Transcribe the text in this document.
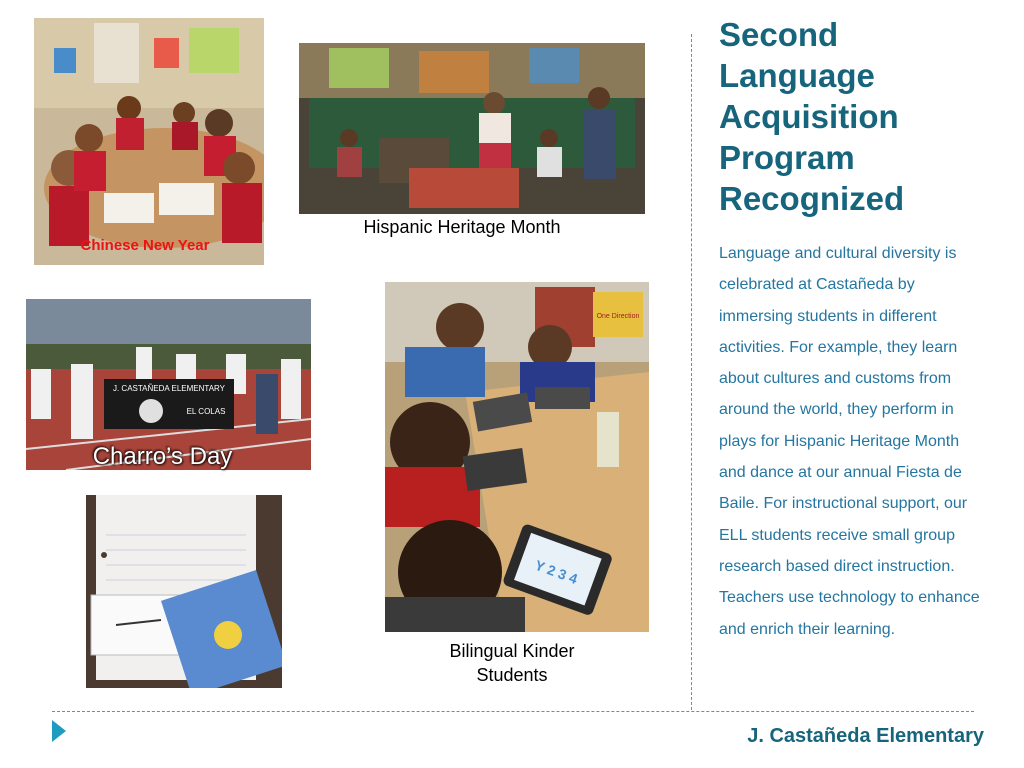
Chinese New Year
Hispanic Heritage Month
J. CASTAÑEDA ELEMENTARY
EL COLAS
Charro’s Day
One Direction
Y 2 3 4
Bilingual Kinder
Students
Second Language Acquisition Program Recognized

Language and cultural diversity is celebrated at Castañeda by immersing students in different activities. For example, they learn about cultures and customs from around the world, they perform in plays for Hispanic Heritage Month and dance at our annual Fiesta de Baile. For instructional support, our ELL students receive small group research based direct instruction. Teachers use technology to enhance and enrich their learning.

J. Castañeda Elementary
